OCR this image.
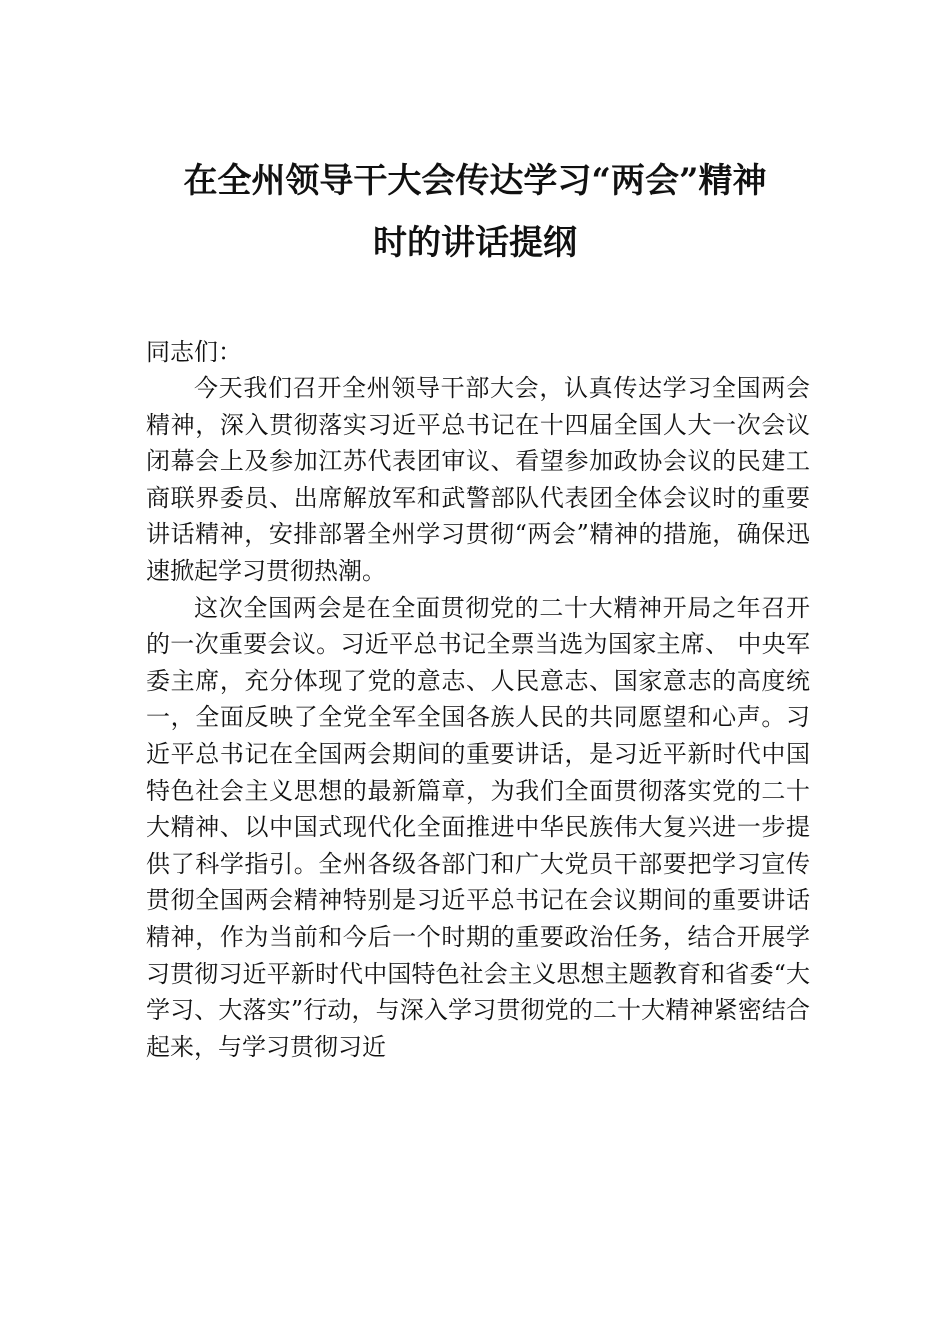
在全州领导干大会传达学习“两会”精神
时的讲话提纲

同志们：

今天我们召开全州领导干部大会，认真传达学习全国两会精神，深入贯彻落实习近平总书记在十四届全国人大一次会议闭幕会上及参加江苏代表团审议、看望参加政协会议的民建工商联界委员、出席解放军和武警部队代表团全体会议时的重要讲话精神，安排部署全州学习贯彻“两会”精神的措施，确保迅速掀起学习贯彻热潮。

这次全国两会是在全面贯彻党的二十大精神开局之年召开的一次重要会议。习近平总书记全票当选为国家主席、 中央军委主席，充分体现了党的意志、人民意志、国家意志的高度统一，全面反映了全党全军全国各族人民的共同愿望和心声。习近平总书记在全国两会期间的重要讲话，是习近平新时代中国特色社会主义思想的最新篇章，为我们全面贯彻落实党的二十大精神、以中国式现代化全面推进中华民族伟大复兴进一步提供了科学指引。全州各级各部门和广大党员干部要把学习宣传贯彻全国两会精神特别是习近平总书记在会议期间的重要讲话精神，作为当前和今后一个时期的重要政治任务，结合开展学习贯彻习近平新时代中国特色社会主义思想主题教育和省委“大学习、大落实”行动，与深入学习贯彻党的二十大精神紧密结合起来，与学习贯彻习近
